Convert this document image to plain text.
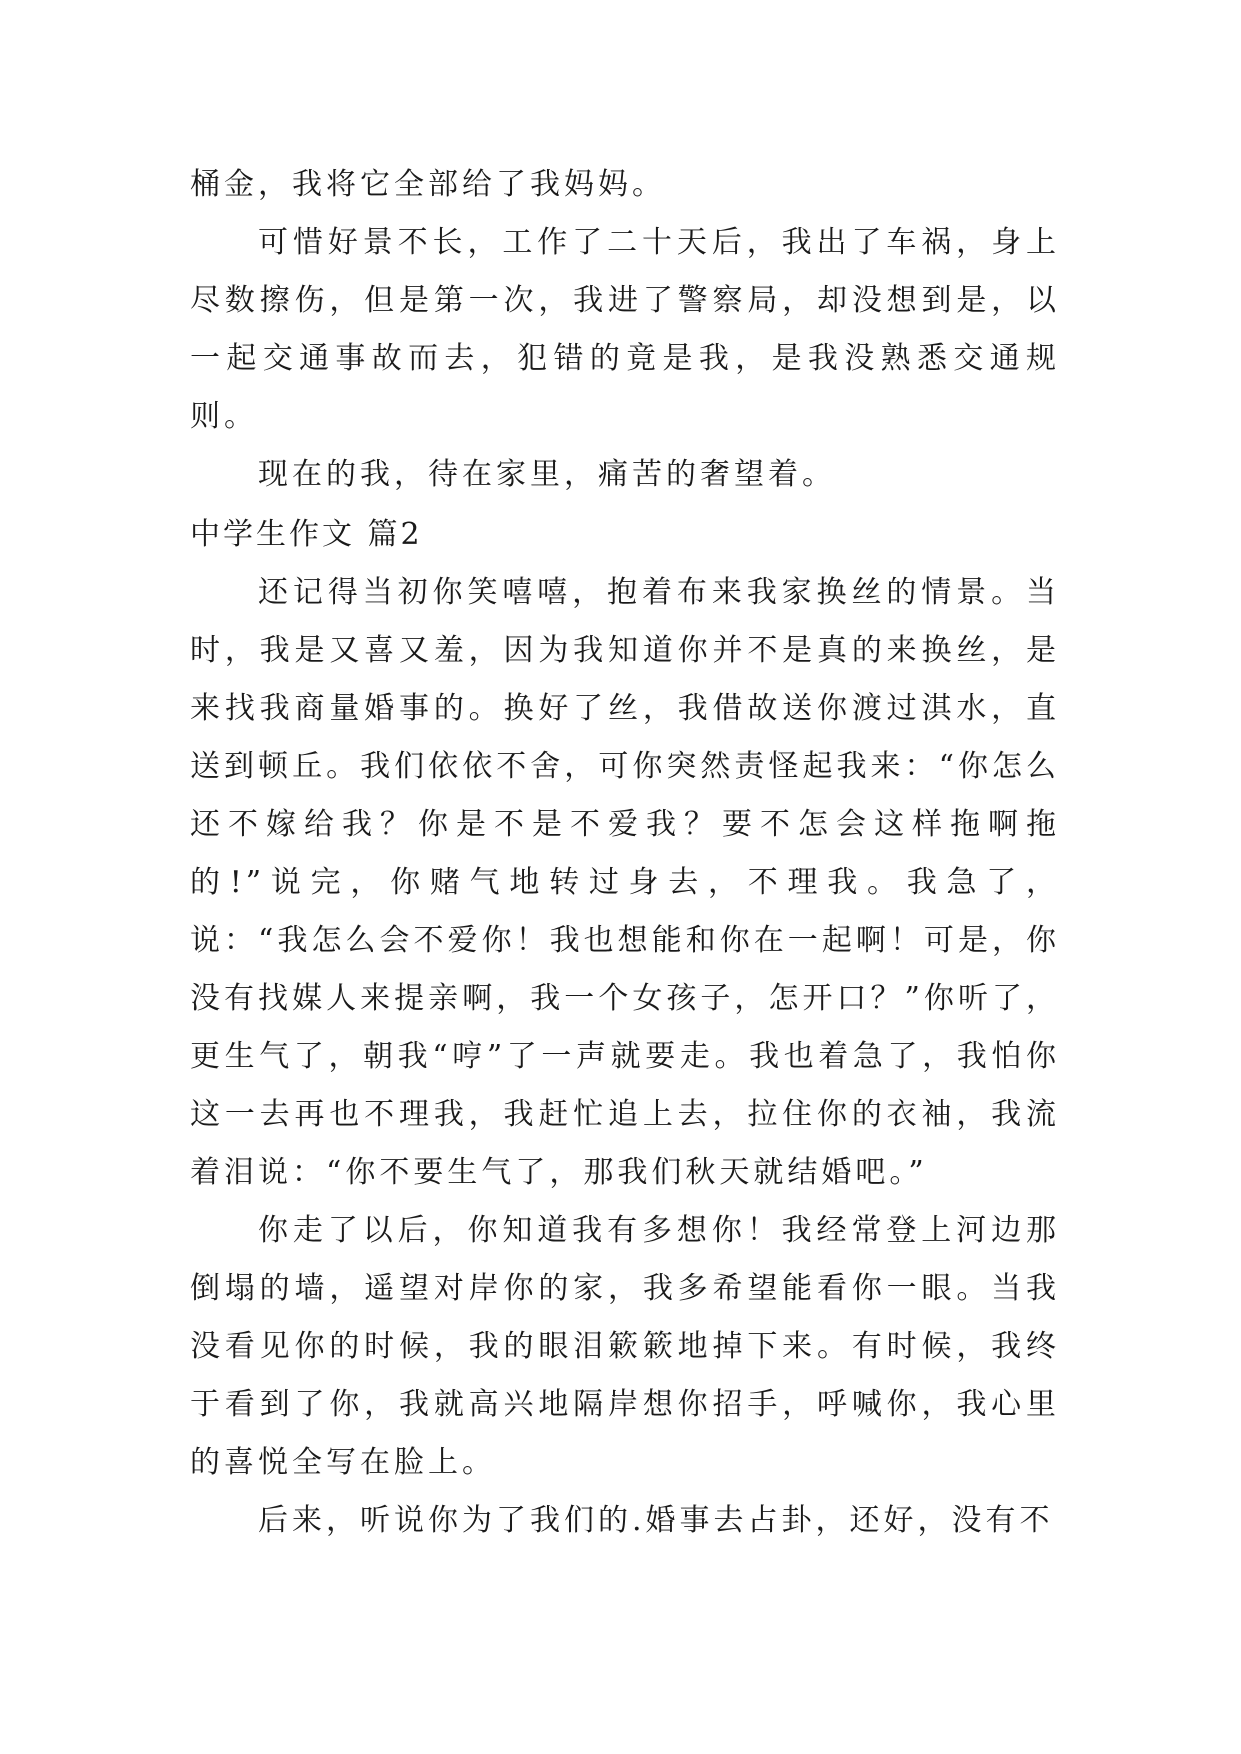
桶金，我将它全部给了我妈妈。

可惜好景不长，工作了二十天后，我出了车祸，身上尽数擦伤，但是第一次，我进了警察局，却没想到是，以一起交通事故而去，犯错的竟是我，是我没熟悉交通规则。

现在的我，待在家里，痛苦的奢望着。

中学生作文 篇2

还记得当初你笑嘻嘻，抱着布来我家换丝的情景。当时，我是又喜又羞，因为我知道你并不是真的来换丝，是来找我商量婚事的。换好了丝，我借故送你渡过淇水，直送到顿丘。我们依依不舍，可你突然责怪起我来：“你怎么还不嫁给我？你是不是不爱我？要不怎会这样拖啊拖的!”说完，你赌气地转过身去，不理我。我急了，说：“我怎么会不爱你！我也想能和你在一起啊！可是，你没有找媒人来提亲啊，我一个女孩子，怎开口？”你听了，更生气了，朝我“哼”了一声就要走。我也着急了，我怕你这一去再也不理我，我赶忙追上去，拉住你的衣袖，我流着泪说：“你不要生气了，那我们秋天就结婚吧。”

你走了以后，你知道我有多想你！我经常登上河边那倒塌的墙，遥望对岸你的家，我多希望能看你一眼。当我没看见你的时候，我的眼泪簌簌地掉下来。有时候，我终于看到了你，我就高兴地隔岸想你招手，呼喊你，我心里的喜悦全写在脸上。

后来，听说你为了我们的.婚事去占卦，还好，没有不
